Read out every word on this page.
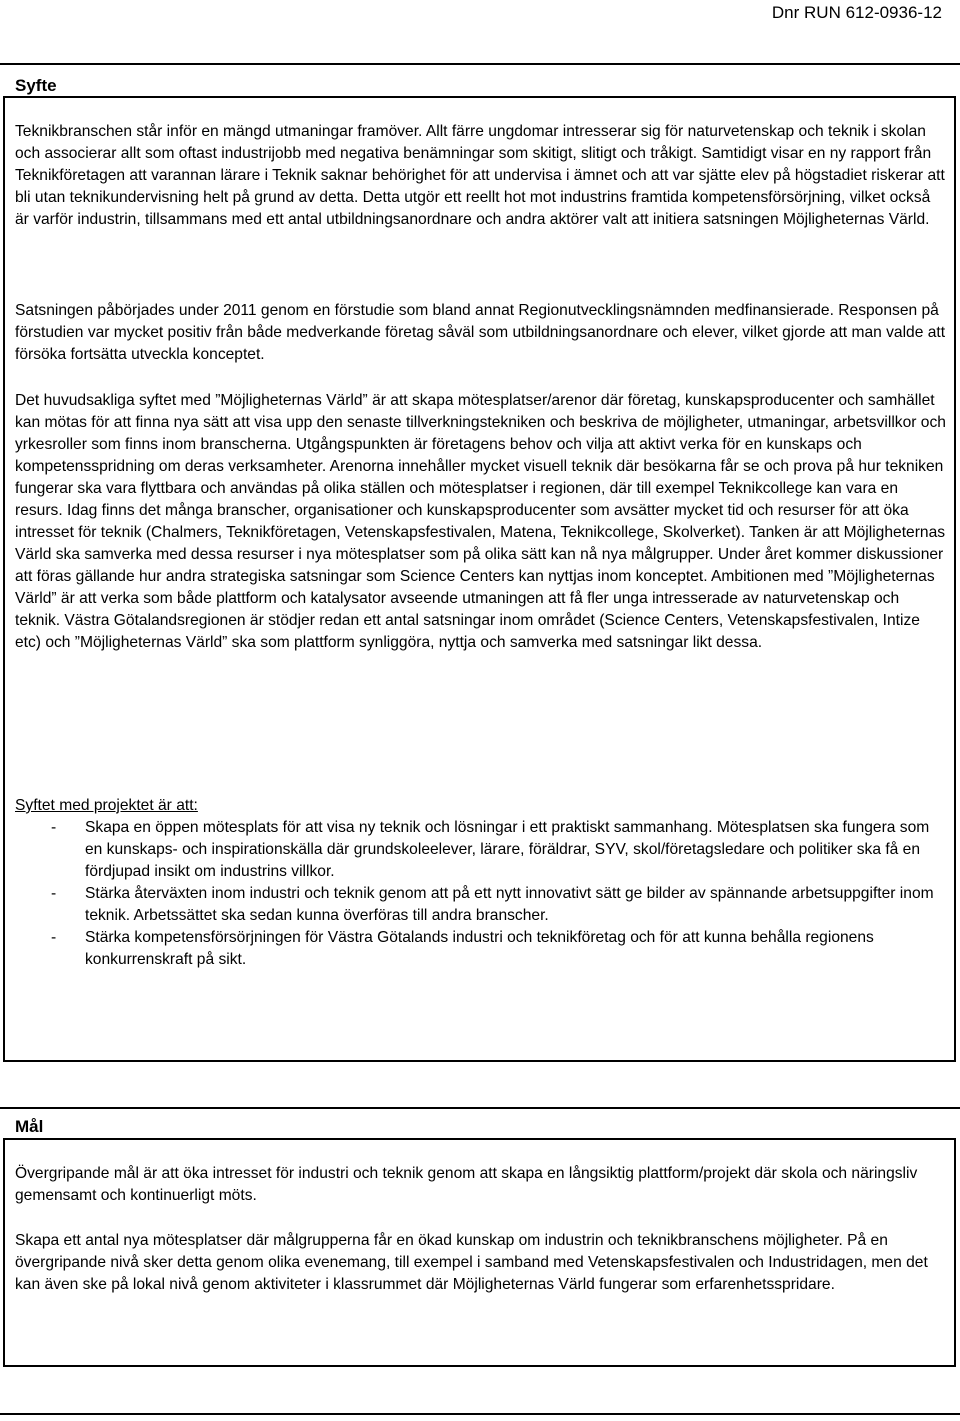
Dnr RUN 612-0936-12
Syfte

Teknikbranschen står inför en mängd utmaningar framöver. Allt färre ungdomar intresserar sig för naturvetenskap och teknik i skolan och associerar allt som oftast industrijobb med negativa benämningar som skitigt, slitigt och tråkigt. Samtidigt visar en ny rapport från Teknikföretagen att varannan lärare i Teknik saknar behörighet för att undervisa i ämnet och att var sjätte elev på högstadiet riskerar att bli utan teknikundervisning helt på grund av detta. Detta utgör ett reellt hot mot industrins framtida kompetensförsörjning, vilket också är varför industrin, tillsammans med ett antal utbildningsanordnare och andra aktörer valt att initiera satsningen Möjligheternas Värld.

Satsningen påbörjades under 2011 genom en förstudie som bland annat Regionutvecklingsnämnden medfinansierade. Responsen på förstudien var mycket positiv från både medverkande företag såväl som utbildningsanordnare och elever, vilket gjorde att man valde att försöka fortsätta utveckla konceptet.

Det huvudsakliga syftet med ”Möjligheternas Värld” är att skapa mötesplatser/arenor där företag, kunskapsproducenter och samhället kan mötas för att finna nya sätt att visa upp den senaste tillverkningstekniken och beskriva de möjligheter, utmaningar, arbetsvillkor och yrkesroller som finns inom branscherna. Utgångspunkten är företagens behov och vilja att aktivt verka för en kunskaps och kompetensspridning om deras verksamheter. Arenorna innehåller mycket visuell teknik där besökarna får se och prova på hur tekniken fungerar ska vara flyttbara och användas på olika ställen och mötesplatser i regionen, där till exempel Teknikcollege kan vara en resurs. Idag finns det många branscher, organisationer och kunskapsproducenter som avsätter mycket tid och resurser för att öka intresset för teknik (Chalmers, Teknikföretagen, Vetenskapsfestivalen, Matena, Teknikcollege, Skolverket). Tanken är att Möjligheternas Värld ska samverka med dessa resurser i nya mötesplatser som på olika sätt kan nå nya målgrupper. Under året kommer diskussioner att föras gällande hur andra strategiska satsningar som Science Centers kan nyttjas inom konceptet. Ambitionen med ”Möjligheternas Värld” är att verka som både plattform och katalysator avseende utmaningen att få fler unga intresserade av naturvetenskap och teknik. Västra Götalandsregionen är stödjer redan ett antal satsningar inom området (Science Centers, Vetenskapsfestivalen, Intize etc) och ”Möjligheternas Värld” ska som plattform synliggöra, nyttja och samverka med satsningar likt dessa.

Syftet med projektet är att:
- Skapa en öppen mötesplats för att visa ny teknik och lösningar i ett praktiskt sammanhang. Mötesplatsen ska fungera som en kunskaps- och inspirationskälla där grundskoleelever, lärare, föräldrar, SYV, skol/företagsledare och politiker ska få en fördjupad insikt om industrins villkor.
- Stärka återväxten inom industri och teknik genom att på ett nytt innovativt sätt ge bilder av spännande arbetsuppgifter inom teknik. Arbetssättet ska sedan kunna överföras till andra branscher.
- Stärka kompetensförsörjningen för Västra Götalands industri och teknikföretag och för att kunna behålla regionens konkurrenskraft på sikt.
Mål

Övergripande mål är att öka intresset för industri och teknik genom att skapa en långsiktig plattform/projekt där skola och näringsliv gemensamt och kontinuerligt möts.

Skapa ett antal nya mötesplatser där målgrupperna får en ökad kunskap om industrin och teknikbranschens möjligheter. På en övergripande nivå sker detta genom olika evenemang, till exempel i samband med Vetenskapsfestivalen och Industridagen, men det kan även ske på lokal nivå genom aktiviteter i klassrummet där Möjligheternas Värld fungerar som erfarenhetsspridare.
